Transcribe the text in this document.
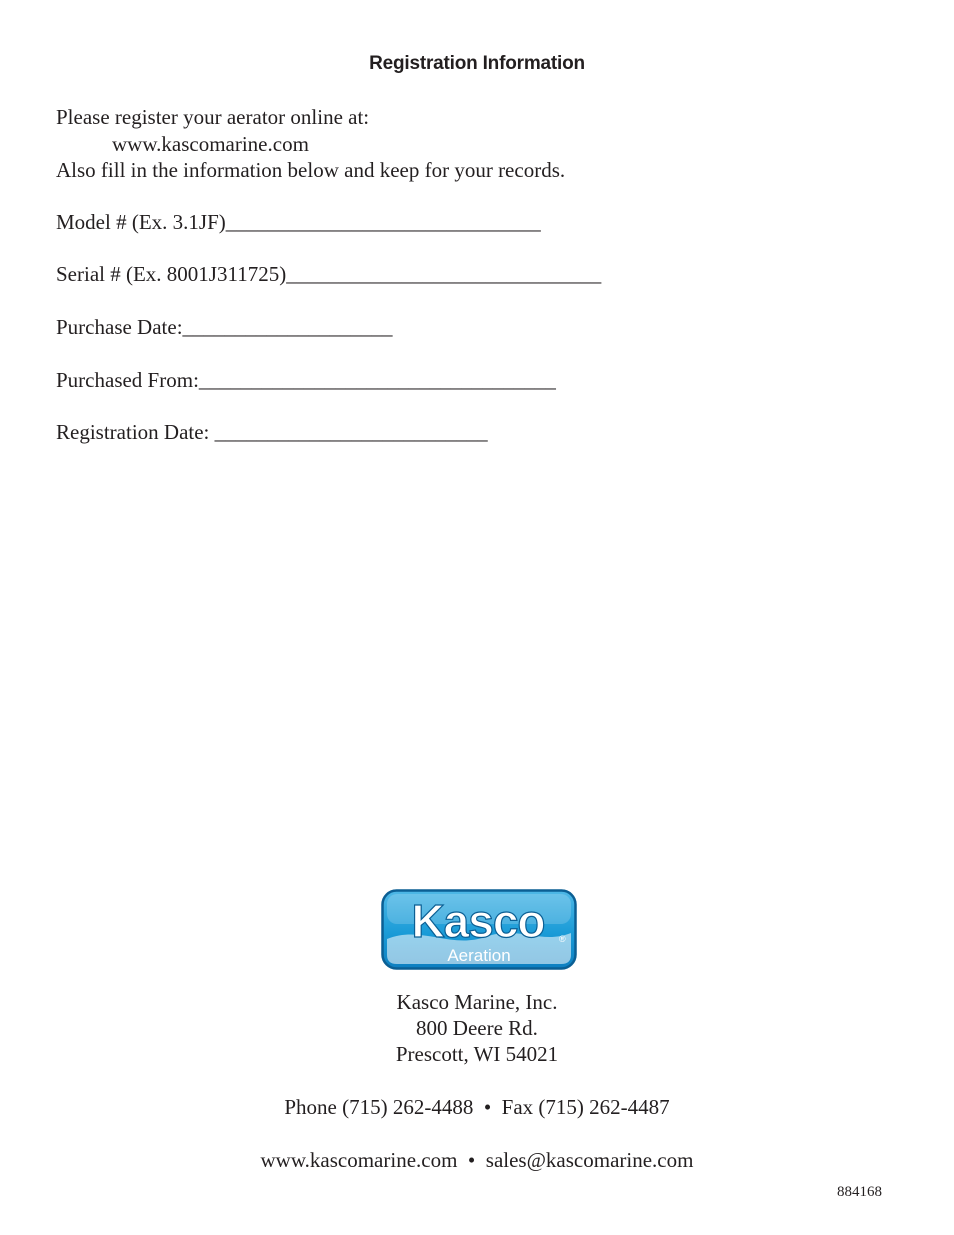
Registration Information
Please register your aerator online at:
www.kascomarine.com
Also fill in the information below and keep for your records.
Model # (Ex. 3.1JF)______________________________
Serial # (Ex. 8001J311725)______________________________
Purchase Date:____________________
Purchased From:__________________________________
Registration Date: __________________________
Kasco ®
Aeration
Kasco Marine, Inc.
800 Deere Rd.
Prescott, WI 54021
Phone (715) 262-4488  •  Fax (715) 262-4487
www.kascomarine.com  •  sales@kascomarine.com
884168
